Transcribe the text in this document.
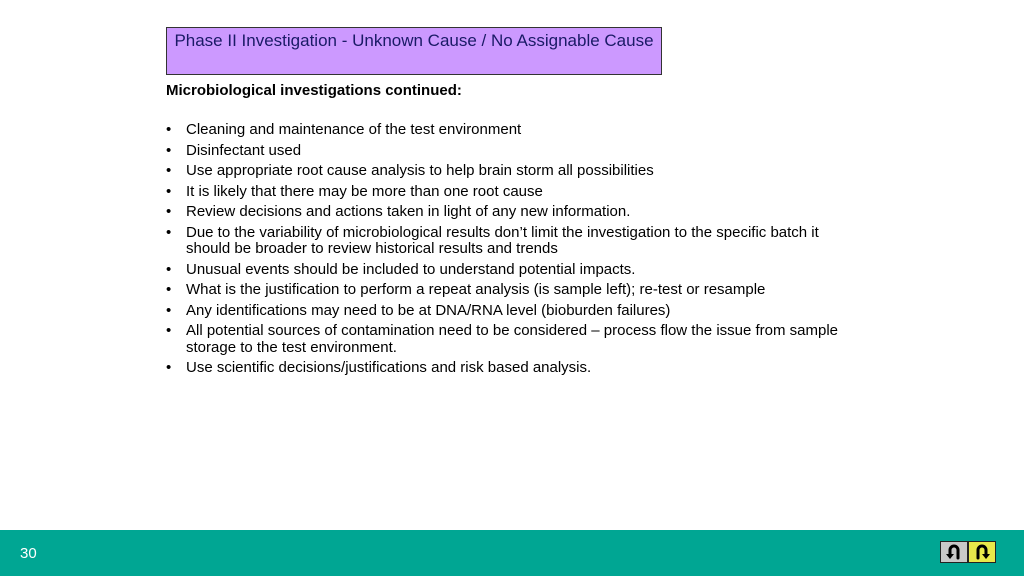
Phase II Investigation - Unknown Cause / No Assignable Cause
Microbiological investigations continued:
• Cleaning and maintenance of the test environment
• Disinfectant used
• Use appropriate root cause analysis to help brain storm all possibilities
• It is likely that there may be more than one root cause
• Review decisions and actions taken in light of any new information.
• Due to the variability of microbiological results don’t limit the investigation to the specific batch it should be broader to review historical results and trends
• Unusual events should be included to understand potential impacts.
• What is the justification to perform a repeat analysis (is sample left); re-test or resample
• Any identifications may need to be at DNA/RNA level (bioburden failures)
• All potential sources of contamination need to be considered – process flow the issue from sample storage to the test environment.
• Use scientific decisions/justifications and risk based analysis.
30
